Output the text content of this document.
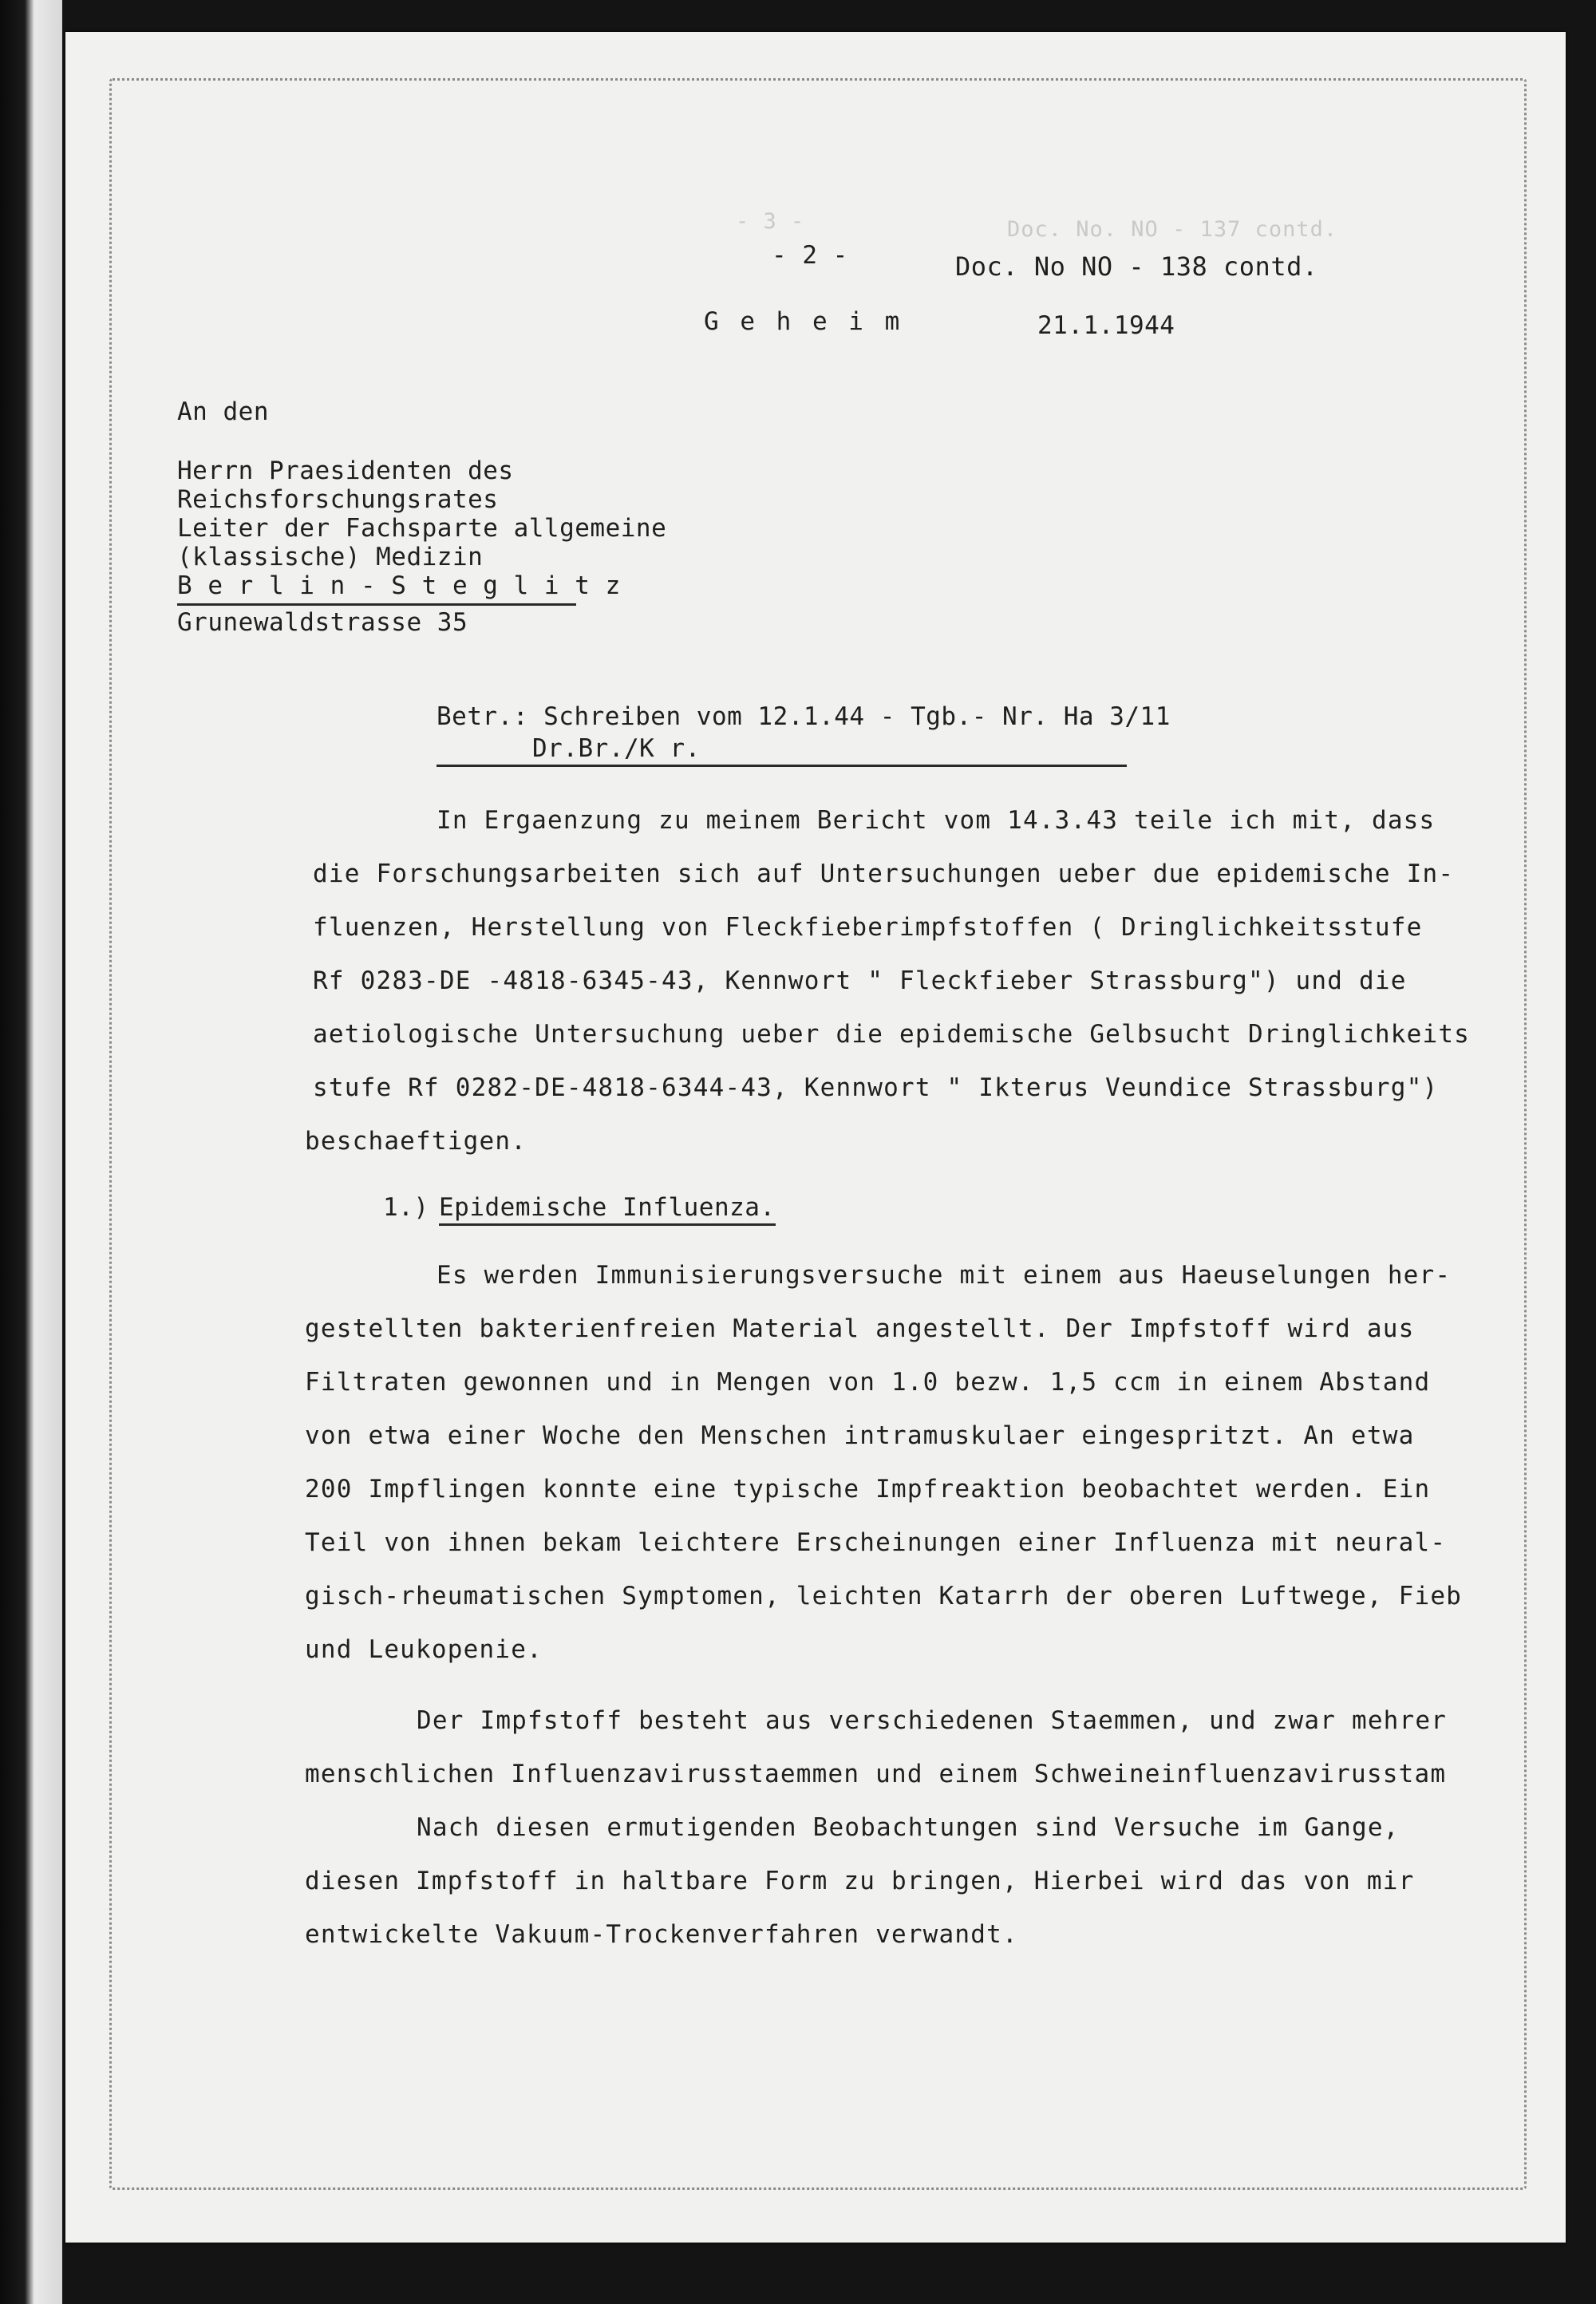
- 3 -	Doc. No. NO - 137 contd.
- 2 -	Doc. No NO - 138 contd.
G e h e i m	21.1.1944
An den
Herrn Praesidenten des
Reichsforschungsrates
Leiter der Fachsparte allgemeine
(klassische) Medizin
B e r l i n - S t e g l i t z
Grunewaldstrasse 35
Betr.: Schreiben vom 12.1.44 - Tgb.- Nr. Ha 3/11
Dr.Br./K r.
In Ergaenzung zu meinem Bericht vom 14.3.43 teile ich mit, dass
die Forschungsarbeiten sich auf Untersuchungen ueber due epidemische In-
fluenzen, Herstellung von Fleckfieberimpfstoffen ( Dringlichkeitsstufe
Rf 0283-DE -4818-6345-43, Kennwort " Fleckfieber Strassburg") und die
aetiologische Untersuchung ueber die epidemische Gelbsucht Dringlichkeits
stufe Rf 0282-DE-4818-6344-43, Kennwort " Ikterus Veundice Strassburg")
beschaeftigen.
1.) Epidemische Influenza.
Es werden Immunisierungsversuche mit einem aus Haeuselungen her-
gestellten bakterienfreien Material angestellt. Der Impfstoff wird aus
Filtraten gewonnen und in Mengen von 1.0 bezw. 1,5 ccm in einem Abstand
von etwa einer Woche den Menschen intramuskulaer eingespritzt. An etwa
200 Impflingen konnte eine typische Impfreaktion beobachtet werden. Ein
Teil von ihnen bekam leichtere Erscheinungen einer Influenza mit neural-
gisch-rheumatischen Symptomen, leichten Katarrh der oberen Luftwege, Fieb
und Leukopenie.
Der Impfstoff besteht aus verschiedenen Staemmen, und zwar mehrer
menschlichen Influenzavirusstaemmen und einem Schweineinfluenzavirusstam
Nach diesen ermutigenden Beobachtungen sind Versuche im Gange,
diesen Impfstoff in haltbare Form zu bringen, Hierbei wird das von mir
entwickelte Vakuum-Trockenverfahren verwandt.
